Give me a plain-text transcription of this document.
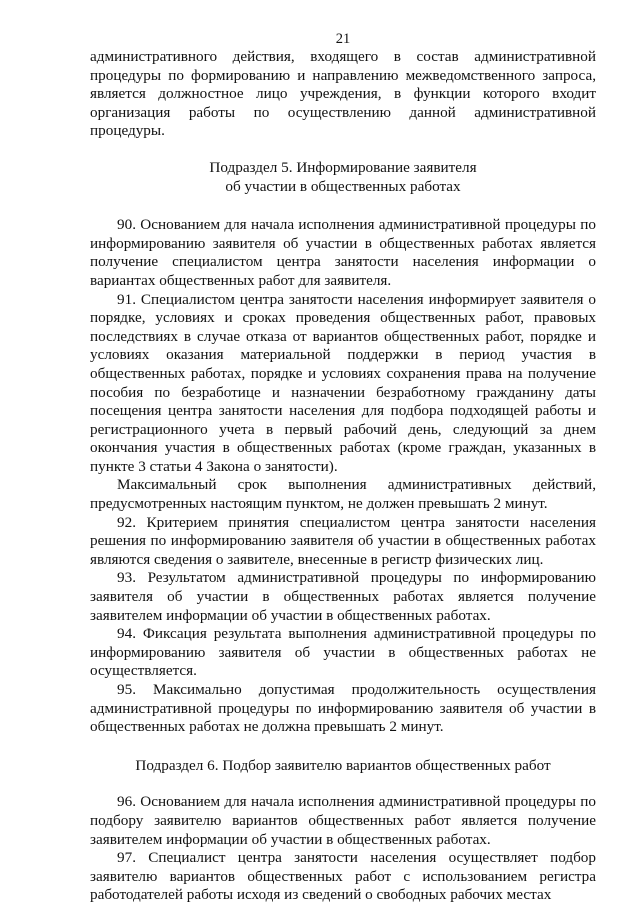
21

административного действия, входящего в состав административной процедуры по формированию и направлению межведомственного запроса, является должностное лицо учреждения, в функции которого входит организация работы по осуществлению данной административной процедуры.

Подраздел 5. Информирование заявителя
об участии в общественных работах

90. Основанием для начала исполнения административной процедуры по информированию заявителя об участии в общественных работах является получение специалистом центра занятости населения информации о вариантах общественных работ для заявителя.

91. Специалистом центра занятости населения информирует заявителя о порядке, условиях и сроках проведения общественных работ, правовых последствиях в случае отказа от вариантов общественных работ, порядке и условиях оказания материальной поддержки в период участия в общественных работах, порядке и условиях сохранения права на получение пособия по безработице и назначении безработному гражданину даты посещения центра занятости населения для подбора подходящей работы и регистрационного учета в первый рабочий день, следующий за днем окончания участия в общественных работах (кроме граждан, указанных в пункте 3 статьи 4 Закона о занятости).

Максимальный срок выполнения административных действий, предусмотренных настоящим пунктом, не должен превышать 2 минут.

92. Критерием принятия специалистом центра занятости населения решения по информированию заявителя об участии в общественных работах являются сведения о заявителе, внесенные в регистр физических лиц.

93. Результатом административной процедуры по информированию заявителя об участии в общественных работах является получение заявителем информации об участии в общественных работах.

94. Фиксация результата выполнения административной процедуры по информированию заявителя об участии в общественных работах не осуществляется.

95. Максимально допустимая продолжительность осуществления административной процедуры по информированию заявителя об участии в общественных работах не должна превышать 2 минут.

Подраздел 6. Подбор заявителю вариантов общественных работ

96. Основанием для начала исполнения административной процедуры по подбору заявителю вариантов общественных работ является получение заявителем информации об участии в общественных работах.

97. Специалист центра занятости населения осуществляет подбор заявителю вариантов общественных работ с использованием регистра работодателей работы исходя из сведений о свободных рабочих местах
